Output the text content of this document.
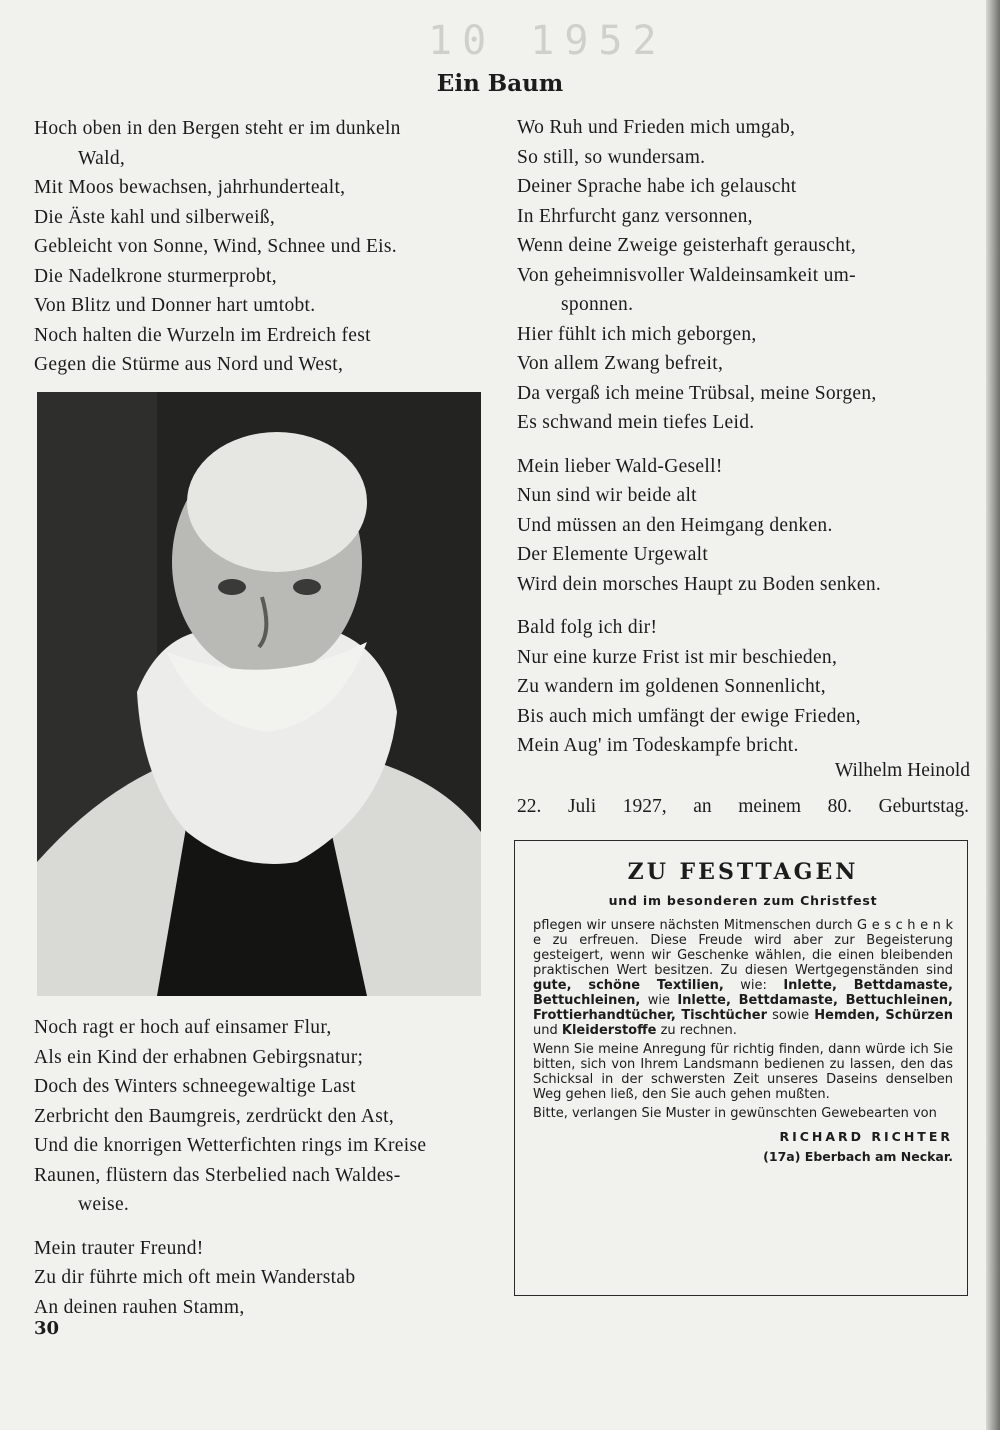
10 1952
Ein Baum
Hoch oben in den Bergen steht er im dunkeln
Wald,
Mit Moos bewachsen, jahrhundertealt,
Die Äste kahl und silberweiß,
Gebleicht von Sonne, Wind, Schnee und Eis.
Die Nadelkrone sturmerprobt,
Von Blitz und Donner hart umtobt.
Noch halten die Wurzeln im Erdreich fest
Gegen die Stürme aus Nord und West,
Noch ragt er hoch auf einsamer Flur,
Als ein Kind der erhabnen Gebirgsnatur;
Doch des Winters schneegewaltige Last
Zerbricht den Baumgreis, zerdrückt den Ast,
Und die knorrigen Wetterfichten rings im Kreise
Raunen, flüstern das Sterbelied nach Waldes-
weise.
Mein trauter Freund!
Zu dir führte mich oft mein Wanderstab
An deinen rauhen Stamm,
Wo Ruh und Frieden mich umgab,
So still, so wundersam.
Deiner Sprache habe ich gelauscht
In Ehrfurcht ganz versonnen,
Wenn deine Zweige geisterhaft gerauscht,
Von geheimnisvoller Waldeinsamkeit um-
sponnen.
Hier fühlt ich mich geborgen,
Von allem Zwang befreit,
Da vergaß ich meine Trübsal, meine Sorgen,
Es schwand mein tiefes Leid.
Mein lieber Wald-Gesell!
Nun sind wir beide alt
Und müssen an den Heimgang denken.
Der Elemente Urgewalt
Wird dein morsches Haupt zu Boden senken.
Bald folg ich dir!
Nur eine kurze Frist ist mir beschieden,
Zu wandern im goldenen Sonnenlicht,
Bis auch mich umfängt der ewige Frieden,
Mein Aug' im Todeskampfe bricht.
Wilhelm Heinold
22. Juli 1927, an meinem 80. Geburtstag.
ZU FESTTAGEN
und im besonderen zum Christfest

pflegen wir unsere nächsten Mitmenschen durch G e s c h e n k e zu erfreuen. Diese Freude wird aber zur Begeisterung gesteigert, wenn wir Geschenke wählen, die einen bleibenden praktischen Wert besitzen. Zu diesen Wertgegenständen sind gute, schöne Textilien, wie: Inlette, Bettdamaste, Bettuchleinen, wie Inlette, Bettdamaste, Bettuchleinen, Frottierhandtücher, Tischtücher sowie Hemden, Schürzen und Kleiderstoffe zu rechnen.

Wenn Sie meine Anregung für richtig finden, dann würde ich Sie bitten, sich von Ihrem Landsmann bedienen zu lassen, den das Schicksal in der schwersten Zeit unseres Daseins denselben Weg gehen ließ, den Sie auch gehen mußten.

Bitte, verlangen Sie Muster in gewünschten Gewebearten von

RICHARD RICHTER
(17a) Eberbach am Neckar.
30
